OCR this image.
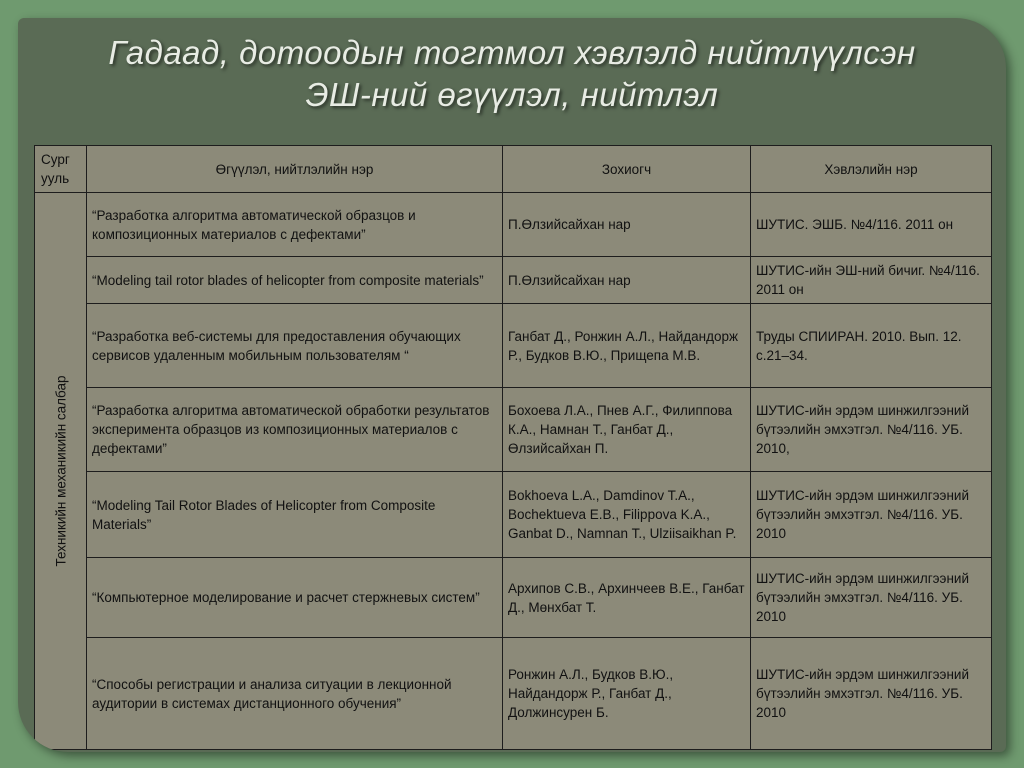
Гадаад, дотоодын тогтмол хэвлэлд нийтлүүлсэн
ЭШ-ний өгүүлэл, нийтлэл
Сург
ууль	Өгүүлэл, нийтлэлийн нэр	Зохиогч	Хэвлэлийн нэр

Техникийн механикийн салбар	“Разработка алгоритма автоматической образцов и композиционных материалов с дефектами”	П.Өлзийсайхан нар	ШУТИС. ЭШБ. №4/116. 2011 он
	“Modeling tail rotor blades of helicopter from composite materials”	П.Өлзийсайхан нар	ШУТИС-ийн ЭШ-ний бичиг. №4/116. 2011 он
	“Разработка веб-системы для предоставления обучающих сервисов удаленным мобильным пользователям “	Ганбат Д., Ронжин А.Л., Найдандорж Р., Будков В.Ю., Прищепа М.В.	Труды СПИИРАН. 2010. Вып. 12. с.21–34.
	“Разработка алгоритма автоматической обработки результатов эксперимента образцов из композиционных материалов с дефектами”	Бохоева Л.А., Пнев А.Г., Филиппова К.А., Намнан Т., Ганбат Д., Өлзийсайхан П.	ШУТИС-ийн эрдэм шинжилгээний бүтээлийн эмхэтгэл. №4/116. УБ. 2010,
	“Modeling Tail Rotor Blades of Helicopter from Composite Materials”	Bokhoeva L.A., Damdinov T.A., Bochektueva E.B., Filippova K.A., Ganbat D., Namnan T., Ulziisaikhan P.	ШУТИС-ийн эрдэм шинжилгээний бүтээлийн эмхэтгэл. №4/116. УБ. 2010
	“Компьютерное моделирование и расчет стержневых систем”	Архипов С.В., Архинчеев В.Е., Ганбат Д., Мөнхбат Т.	ШУТИС-ийн эрдэм шинжилгээний бүтээлийн эмхэтгэл. №4/116. УБ. 2010
	“Способы регистрации и анализа ситуации в лекционной аудитории в системах дистанционного обучения”	Ронжин А.Л., Будков В.Ю., Найдандорж Р., Ганбат Д., Должинсурен Б.	ШУТИС-ийн эрдэм шинжилгээний бүтээлийн эмхэтгэл. №4/116. УБ. 2010
